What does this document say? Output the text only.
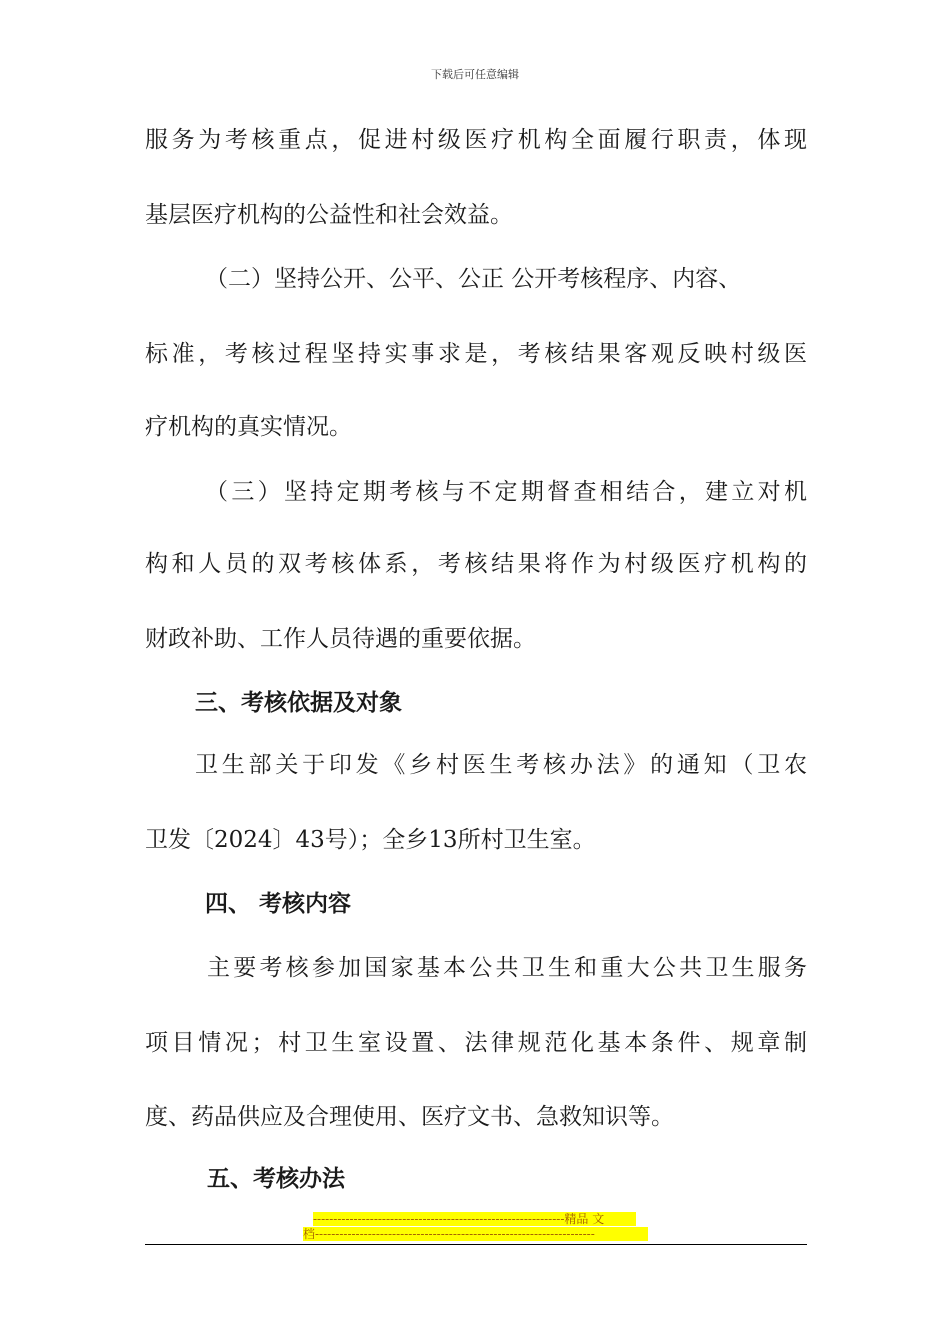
下载后可任意编辑
服务为考核重点，促进村级医疗机构全面履行职责，体现
基层医疗机构的公益性和社会效益。
（二）坚持公开、公平、公正 公开考核程序、内容、
标准，考核过程坚持实事求是，考核结果客观反映村级医
疗机构的真实情况。
（三）坚持定期考核与不定期督查相结合，建立对机
构和人员的双考核体系，考核结果将作为村级医疗机构的
财政补助、工作人员待遇的重要依据。
三、考核依据及对象
卫生部关于印发《乡村医生考核办法》的通知（卫农
卫发〔2024〕43号）；全乡13所村卫生室。
四、 考核内容
主要考核参加国家基本公共卫生和重大公共卫生服务
项目情况；村卫生室设置、法律规范化基本条件、规章制
度、药品供应及合理使用、医疗文书、急救知识等。
五、考核办法
--------------------------------------------------------------精品 文
档---------------------------------------------------------------------
